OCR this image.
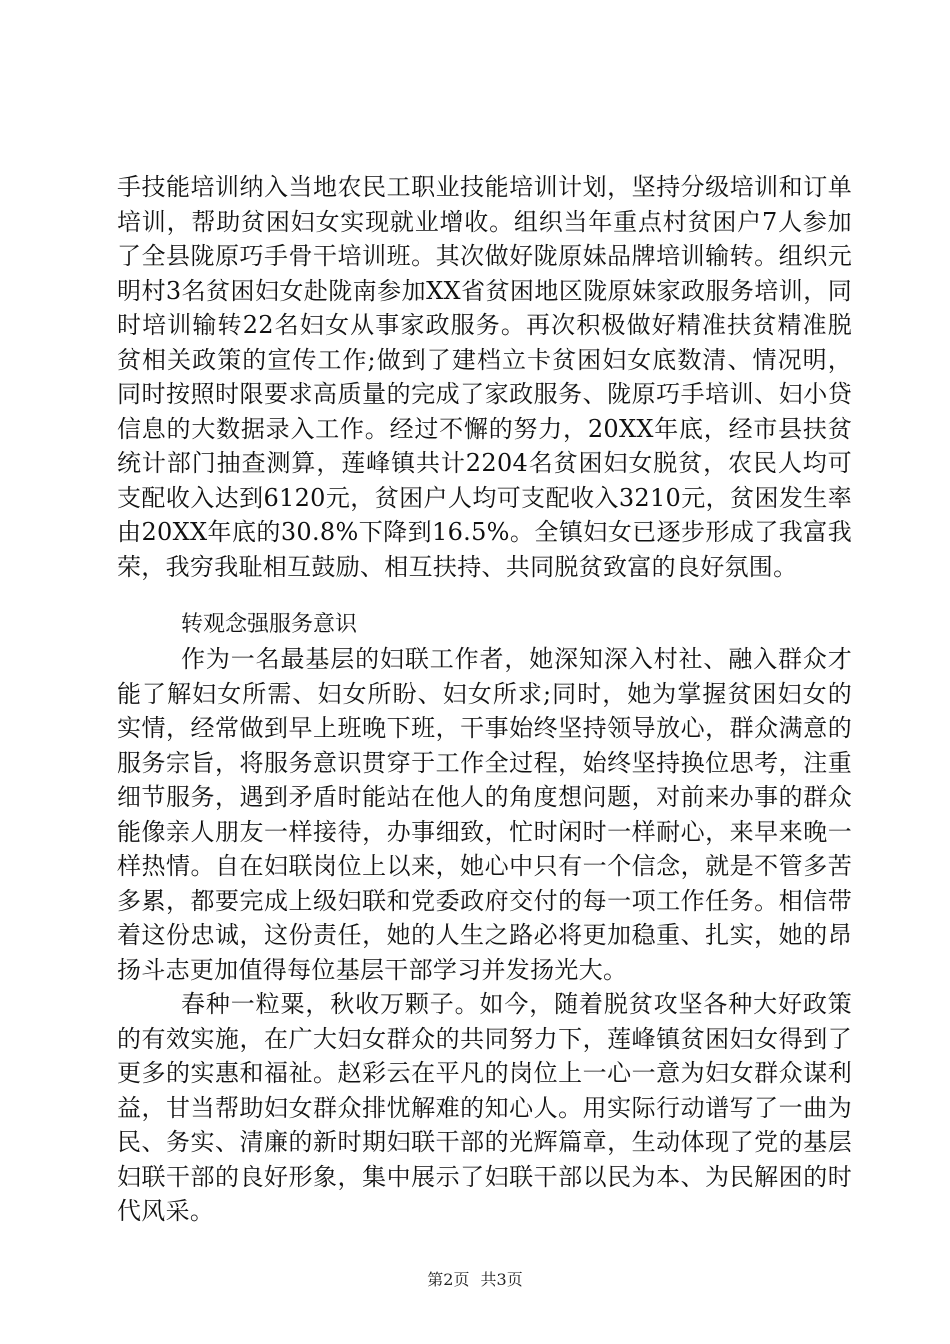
手技能培训纳入当地农民工职业技能培训计划，坚持分级培训和订单培训，帮助贫困妇女实现就业增收。组织当年重点村贫困户7人参加了全县陇原巧手骨干培训班。其次做好陇原妹品牌培训输转。组织元明村3名贫困妇女赴陇南参加XX省贫困地区陇原妹家政服务培训，同时培训输转22名妇女从事家政服务。再次积极做好精准扶贫精准脱贫相关政策的宣传工作;做到了建档立卡贫困妇女底数清、情况明，同时按照时限要求高质量的完成了家政服务、陇原巧手培训、妇小贷信息的大数据录入工作。经过不懈的努力，20XX年底，经市县扶贫统计部门抽查测算，莲峰镇共计2204名贫困妇女脱贫，农民人均可支配收入达到6120元，贫困户人均可支配收入3210元，贫困发生率由20XX年底的30.8%下降到16.5%。全镇妇女已逐步形成了我富我荣，我穷我耻相互鼓励、相互扶持、共同脱贫致富的良好氛围。

转观念强服务意识

作为一名最基层的妇联工作者，她深知深入村社、融入群众才能了解妇女所需、妇女所盼、妇女所求;同时，她为掌握贫困妇女的实情，经常做到早上班晚下班，干事始终坚持领导放心，群众满意的服务宗旨，将服务意识贯穿于工作全过程，始终坚持换位思考，注重细节服务，遇到矛盾时能站在他人的角度想问题，对前来办事的群众能像亲人朋友一样接待，办事细致，忙时闲时一样耐心，来早来晚一样热情。自在妇联岗位上以来，她心中只有一个信念，就是不管多苦多累，都要完成上级妇联和党委政府交付的每一项工作任务。相信带着这份忠诚，这份责任，她的人生之路必将更加稳重、扎实，她的昂扬斗志更加值得每位基层干部学习并发扬光大。

春种一粒粟，秋收万颗子。如今，随着脱贫攻坚各种大好政策的有效实施，在广大妇女群众的共同努力下，莲峰镇贫困妇女得到了更多的实惠和福祉。赵彩云在平凡的岗位上一心一意为妇女群众谋利益，甘当帮助妇女群众排忧解难的知心人。用实际行动谱写了一曲为民、务实、清廉的新时期妇联干部的光辉篇章，生动体现了党的基层妇联干部的良好形象，集中展示了妇联干部以民为本、为民解困的时代风采。

第2页 共3页
